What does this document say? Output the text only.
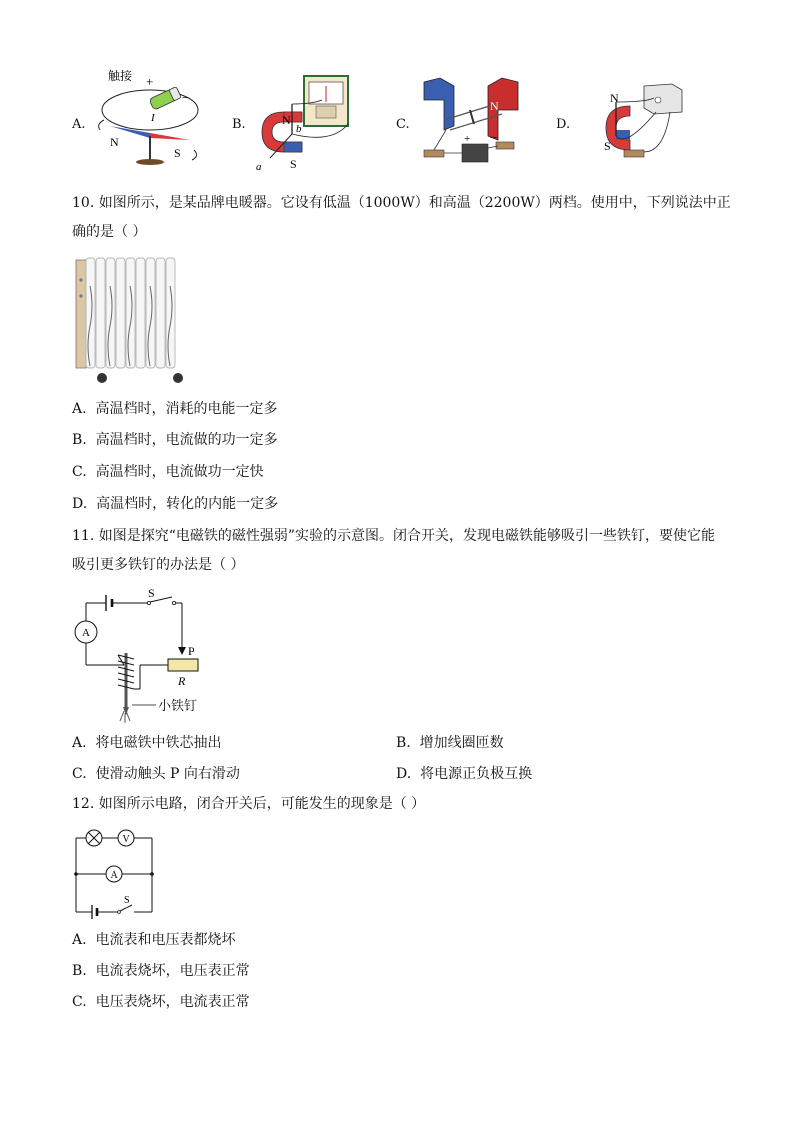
A.
触接 +
−
I
N
S
B.	N
S
a
b	C.
S	N
+ −
D.
N
S
10. 如图所示，是某品牌电暖器。它设有低温（1000W）和高温（2200W）两档。使用中，下列说法中正
确的是（ ）
A. 高温档时，消耗的电能一定多
B. 高温档时，电流做的功一定多
C. 高温档时，电流做功一定快
D. 高温档时，转化的内能一定多
11. 如图是探究“电磁铁的磁性强弱”实验的示意图。闭合开关，发现电磁铁能够吸引一些铁钉，要使它能
吸引更多铁钉的办法是（ ）
S
A
P
R
小铁钉
A. 将电磁铁中铁芯抽出	B. 增加线圈匝数
C. 使滑动触头 P 向右滑动	D. 将电源正负极互换
12. 如图所示电路，闭合开关后，可能发生的现象是（ ）
V
A
S
A. 电流表和电压表都烧坏
B. 电流表烧坏，电压表正常
C. 电压表烧坏，电流表正常
